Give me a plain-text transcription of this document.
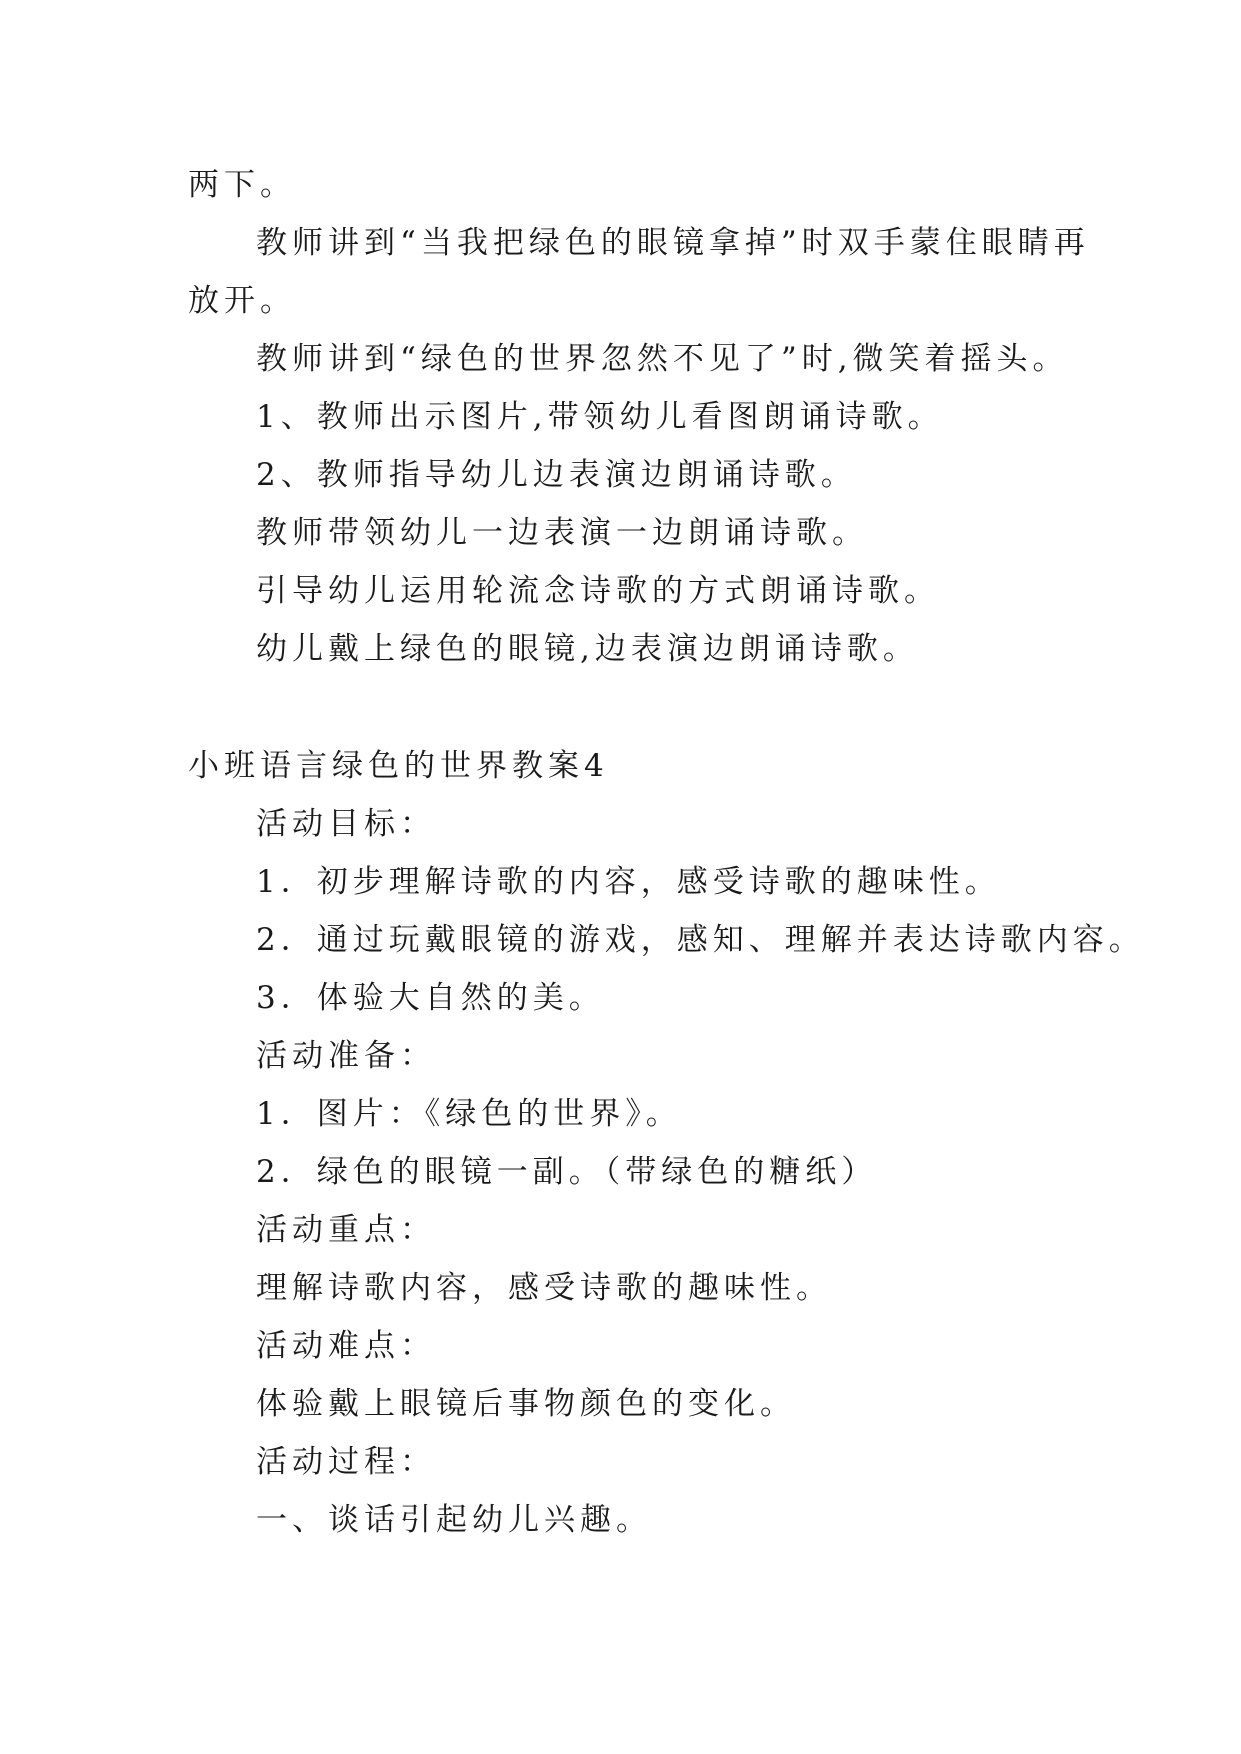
两下。
教师讲到“当我把绿色的眼镜拿掉”时双手蒙住眼睛再
放开。
教师讲到“绿色的世界忽然不见了”时,微笑着摇头。
1、教师出示图片,带领幼儿看图朗诵诗歌。
2、教师指导幼儿边表演边朗诵诗歌。
教师带领幼儿一边表演一边朗诵诗歌。
引导幼儿运用轮流念诗歌的方式朗诵诗歌。
幼儿戴上绿色的眼镜,边表演边朗诵诗歌。
小班语言绿色的世界教案4
活动目标：
1．初步理解诗歌的内容，感受诗歌的趣味性。
2．通过玩戴眼镜的游戏，感知、理解并表达诗歌内容。
3．体验大自然的美。
活动准备：
1．图片：《绿色的世界》。
2．绿色的眼镜一副。（带绿色的糖纸）
活动重点：
理解诗歌内容，感受诗歌的趣味性。
活动难点：
体验戴上眼镜后事物颜色的变化。
活动过程：
一、谈话引起幼儿兴趣。
